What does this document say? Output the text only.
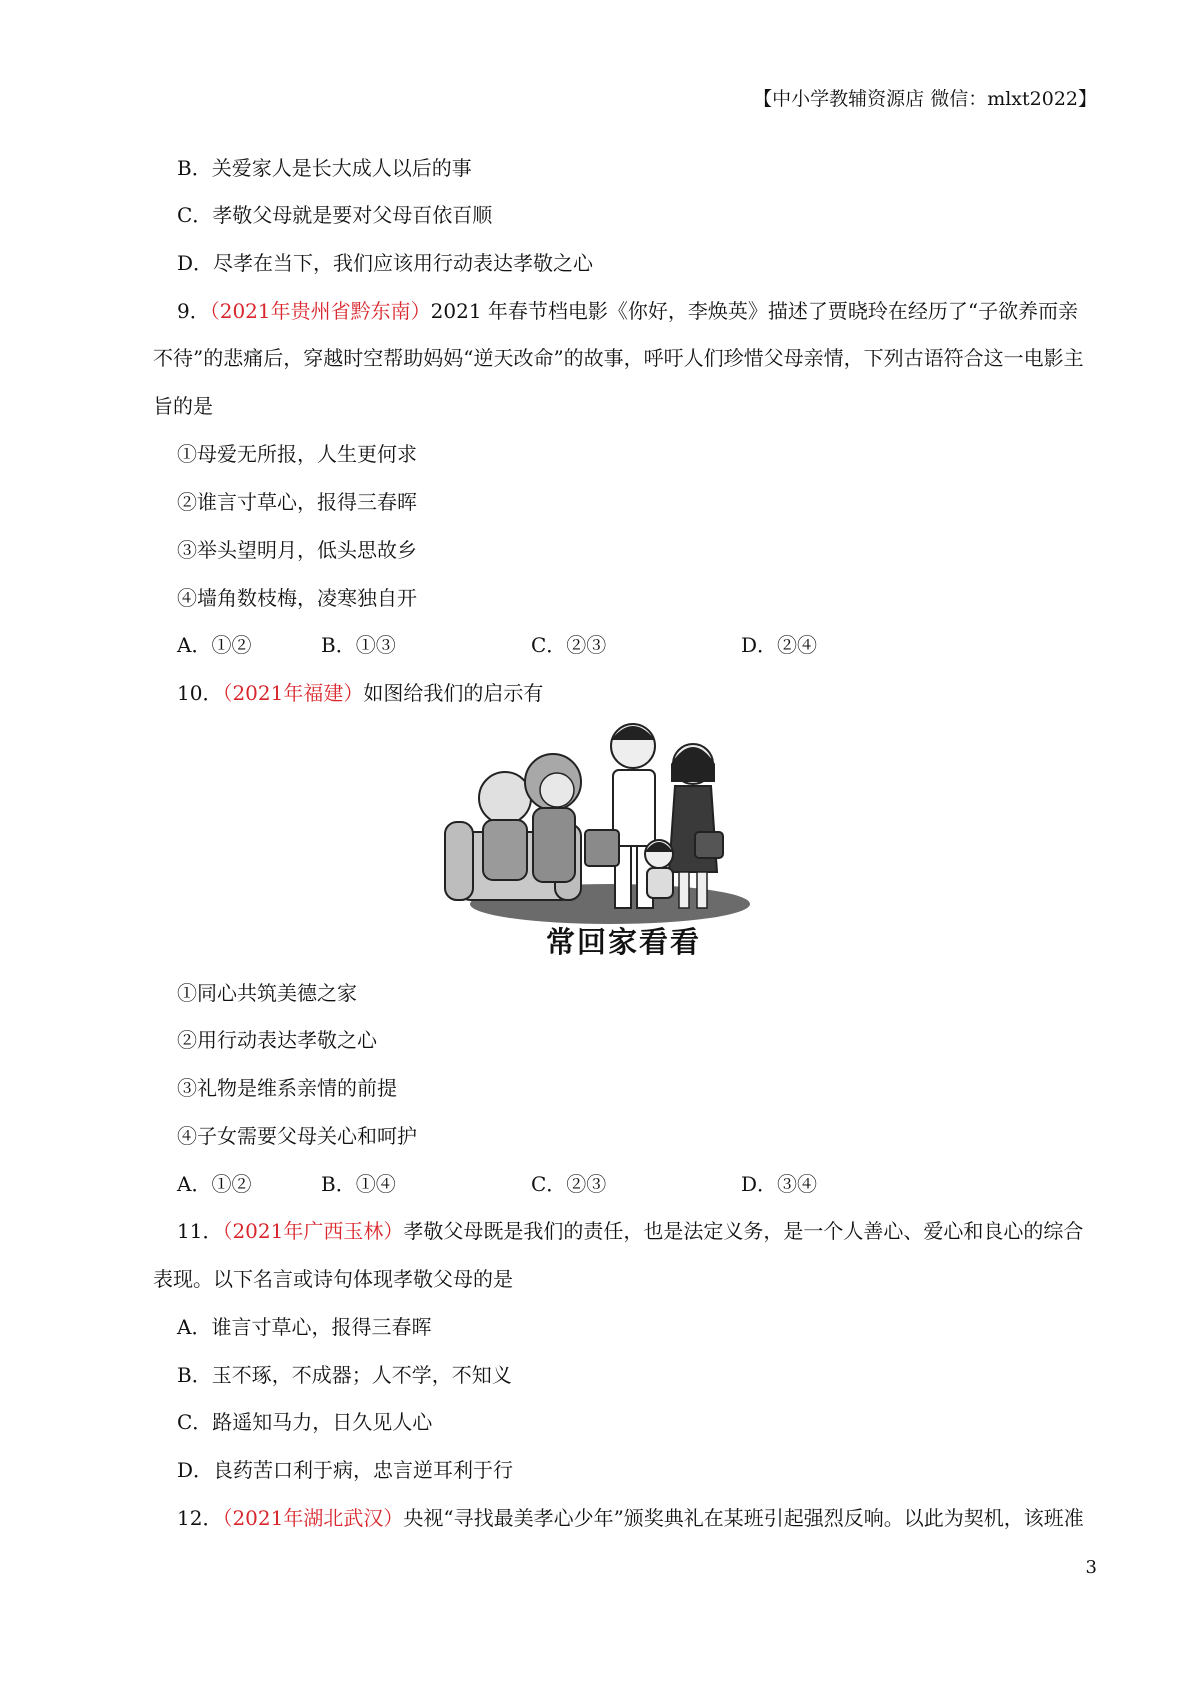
【中小学教辅资源店 微信：mlxt2022】
B．关爱家人是长大成人以后的事
C．孝敬父母就是要对父母百依百顺
D．尽孝在当下，我们应该用行动表达孝敬之心
9．（2021年贵州省黔东南）2021 年春节档电影《你好，李焕英》描述了贾晓玲在经历了“子欲养而亲
不待”的悲痛后，穿越时空帮助妈妈“逆天改命”的故事，呼吁人们珍惜父母亲情，下列古语符合这一电影主
旨的是
①母爱无所报，人生更何求
②谁言寸草心，报得三春晖
③举头望明月，低头思故乡
④墙角数枝梅，凌寒独自开
A．①②	B．①③	C．②③	D．②④
10．（2021年福建）如图给我们的启示有
常回家看看
①同心共筑美德之家
②用行动表达孝敬之心
③礼物是维系亲情的前提
④子女需要父母关心和呵护
A．①②	B．①④	C．②③	D．③④
11．（2021年广西玉林）孝敬父母既是我们的责任，也是法定义务，是一个人善心、爱心和良心的综合
表现。以下名言或诗句体现孝敬父母的是
A．谁言寸草心，报得三春晖
B．玉不琢，不成器；人不学，不知义
C．路遥知马力，日久见人心
D．良药苦口利于病，忠言逆耳利于行
12．（2021年湖北武汉）央视“寻找最美孝心少年”颁奖典礼在某班引起强烈反响。以此为契机，该班准
3
